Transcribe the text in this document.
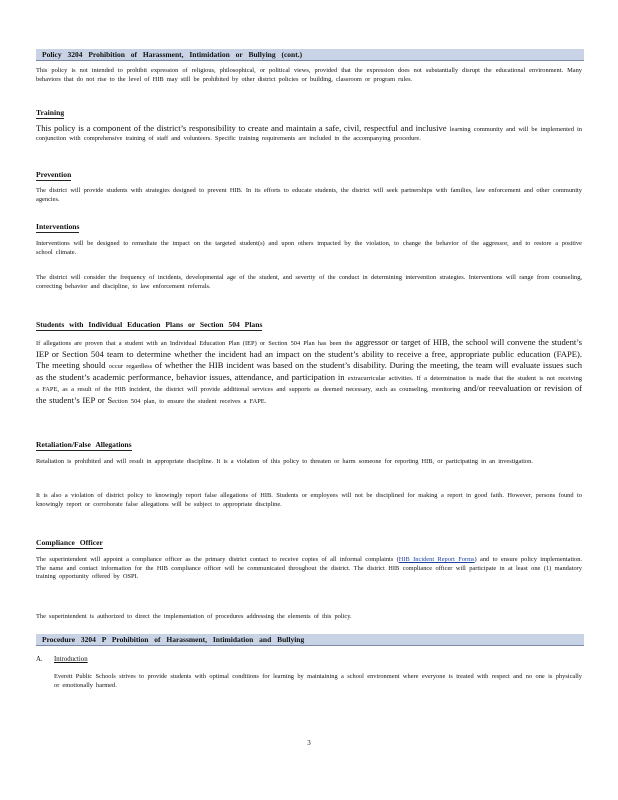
Policy 3204 Prohibition of Harassment, Intimidation or Bullying (cont.)

This policy is not intended to prohibit expression of religious, philosophical, or political views, provided that the expression does not substantially disrupt the educational environment. Many behaviors that do not rise to the level of HIB may still be prohibited by other district policies or building, classroom or program rules.

Training

This policy is a component of the district’s responsibility to create and maintain a safe, civil, respectful and inclusive learning community and will be implemented in conjunction with comprehensive training of staff and volunteers. Specific training requirements are included in the accompanying procedure.

Prevention

The district will provide students with strategies designed to prevent HIB. In its efforts to educate students, the district will seek partnerships with families, law enforcement and other community agencies.

Interventions

Interventions will be designed to remediate the impact on the targeted student(s) and upon others impacted by the violation, to change the behavior of the aggressor, and to restore a positive school climate.

The district will consider the frequency of incidents, developmental age of the student, and severity of the conduct in determining intervention strategies. Interventions will range from counseling, correcting behavior and discipline, to law enforcement referrals.

Students with Individual Education Plans or Section 504 Plans

If allegations are proven that a student with an Individual Education Plan (IEP) or Section 504 Plan has been the aggressor or target of HIB, the school will convene the student’s IEP or Section 504 team to determine whether the incident had an impact on the student’s ability to receive a free, appropriate public education (FAPE). The meeting should occur regardless of whether the HIB incident was based on the student’s disability. During the meeting, the team will evaluate issues such as the student’s academic performance, behavior issues, attendance, and participation in extracurricular activities. If a determination is made that the student is not receiving a FAPE, as a result of the HIB incident, the district will provide additional services and supports as deemed necessary, such as counseling, monitoring and/or reevaluation or revision of the student’s IEP or Section 504 plan, to ensure the student receives a FAPE.

Retaliation/False Allegations

Retaliation is prohibited and will result in appropriate discipline. It is a violation of this policy to threaten or harm someone for reporting HIB, or participating in an investigation.

It is also a violation of district policy to knowingly report false allegations of HIB. Students or employees will not be disciplined for making a report in good faith. However, persons found to knowingly report or corroborate false allegations will be subject to appropriate discipline.

Compliance Officer

The superintendent will appoint a compliance officer as the primary district contact to receive copies of all informal complaints (HIB Incident Report Forms) and to ensure policy implementation. The name and contact information for the HIB compliance officer will be communicated throughout the district. The district HIB compliance officer will participate in at least one (1) mandatory training opportunity offered by OSPI.

The superintendent is authorized to direct the implementation of procedures addressing the elements of this policy.

Procedure 3204 P Prohibition of Harassment, Intimidation and Bullying
A. Introduction

Everett Public Schools strives to provide students with optimal conditions for learning by maintaining a school environment where everyone is treated with respect and no one is physically or emotionally harmed.

3
